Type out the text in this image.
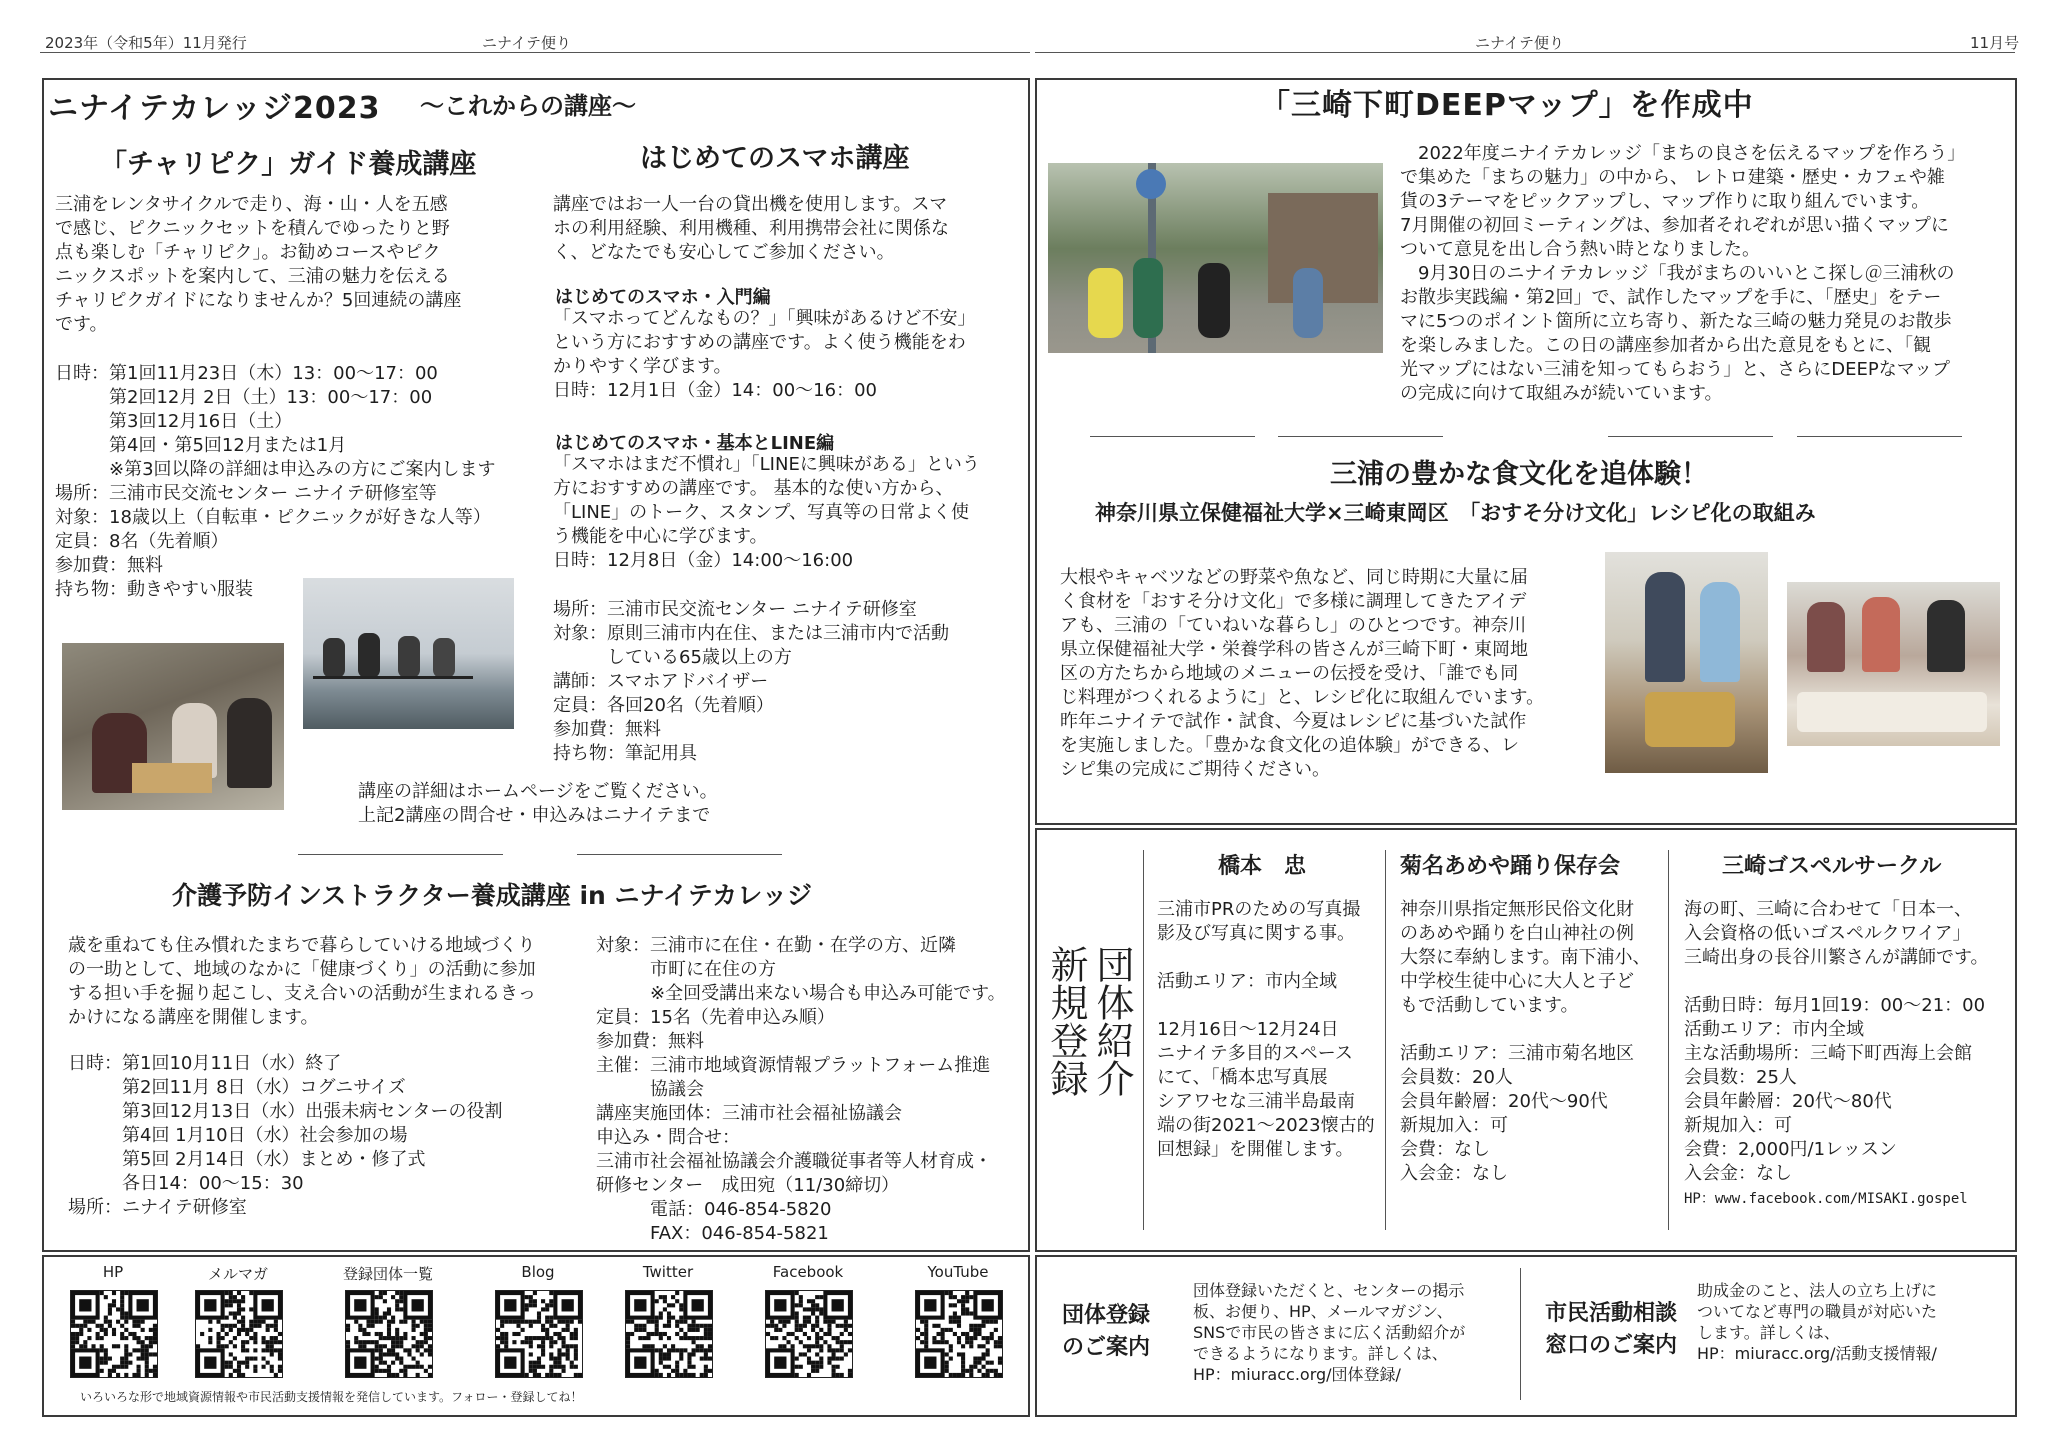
2023年（令和5年）11月発行	ニナイテ便り	ニナイテ便り	11月号
ニナイテカレッジ2023 〜これからの講座〜
「チャリピク」ガイド養成講座
三浦をレンタサイクルで走り、海・山・人を五感
で感じ、ピクニックセットを積んでゆったりと野
点も楽しむ「チャリピク」。お勧めコースやピク
ニックスポットを案内して、三浦の魅力を伝える
チャリピクガイドになりませんか？5回連続の講座
です。
日時：第1回11月23日（木）13：00〜17：00
　　　第2回12月 2日（土）13：00〜17：00
　　　第3回12月16日（土）
　　　第4回・第5回12月または1月
　　　※第3回以降の詳細は申込みの方にご案内します
場所：三浦市民交流センター ニナイテ研修室等
対象：18歳以上（自転車・ピクニックが好きな人等）
定員：8名（先着順）
参加費：無料
持ち物：動きやすい服装
はじめてのスマホ講座
講座ではお一人一台の貸出機を使用します。スマ
ホの利用経験、利用機種、利用携帯会社に関係な
く、どなたでも安心してご参加ください。
はじめてのスマホ・入門編
「スマホってどんなもの？」「興味があるけど不安」
という方におすすめの講座です。よく使う機能をわ
かりやすく学びます。
日時：12月1日（金）14：00〜16：00
はじめてのスマホ・基本とLINE編
「スマホはまだ不慣れ」「LINEに興味がある」という
方におすすめの講座です。 基本的な使い方から、
「LINE」のトーク、スタンプ、写真等の日常よく使
う機能を中心に学びます。
日時：12月8日（金）14:00〜16:00
場所：三浦市民交流センター ニナイテ研修室
対象：原則三浦市内在住、または三浦市内で活動
　　　している65歳以上の方
講師：スマホアドバイザー
定員：各回20名（先着順）
参加費：無料
持ち物：筆記用具
講座の詳細はホームページをご覧ください。
上記2講座の問合せ・申込みはニナイテまで
介護予防インストラクター養成講座 in ニナイテカレッジ
歳を重ねても住み慣れたまちで暮らしていける地域づくり
の一助として、地域のなかに「健康づくり」の活動に参加
する担い手を掘り起こし、支え合いの活動が生まれるきっ
かけになる講座を開催します。
日時：第1回10月11日（水）終了
　　　第2回11月 8日（水）コグニサイズ
　　　第3回12月13日（水）出張未病センターの役割
　　　第4回 1月10日（水）社会参加の場
　　　第5回 2月14日（水）まとめ・修了式
　　　各日14：00〜15：30
場所：ニナイテ研修室
対象：三浦市に在住・在勤・在学の方、近隣
　　　市町に在住の方
　　　※全回受講出来ない場合も申込み可能です。
定員：15名（先着申込み順）
参加費：無料
主催：三浦市地域資源情報プラットフォーム推進
　　　協議会
講座実施団体：三浦市社会福祉協議会
申込み・問合せ：
三浦市社会福祉協議会介護職従事者等人材育成・
研修センター　成田宛（11/30締切）
　　　電話：046-854-5820
　　　FAX：046-854-5821
HP	メルマガ	登録団体一覧	Blog	Twitter	Facebook	YouTube
いろいろな形で地域資源情報や市民活動支援情報を発信しています。フォロー・登録してね！
「三崎下町DEEPマップ」を作成中
　2022年度ニナイテカレッジ「まちの良さを伝えるマップを作ろう」
で集めた「まちの魅力」の中から、 レトロ建築・歴史・カフェや雑
貨の3テーマをピックアップし、マップ作りに取り組んでいます。
7月開催の初回ミーティングは、参加者それぞれが思い描くマップに
ついて意見を出し合う熱い時となりました。
　9月30日のニナイテカレッジ「我がまちのいいとこ探し＠三浦秋の
お散歩実践編・第2回」で、試作したマップを手に、「歴史」をテー
マに5つのポイント箇所に立ち寄り、新たな三崎の魅力発見のお散歩
を楽しみました。この日の講座参加者から出た意見をもとに、「観
光マップにはない三浦を知ってもらおう」と、さらにDEEPなマップ
の完成に向けて取組みが続いています。
三浦の豊かな食文化を追体験！
神奈川県立保健福祉大学×三崎東岡区　「おすそ分け文化」レシピ化の取組み
大根やキャベツなどの野菜や魚など、同じ時期に大量に届
く食材を「おすそ分け文化」で多様に調理してきたアイデ
アも、三浦の「ていねいな暮らし」のひとつです。神奈川
県立保健福祉大学・栄養学科の皆さんが三崎下町・東岡地
区の方たちから地域のメニューの伝授を受け、「誰でも同
じ料理がつくれるように」と、レシピ化に取組んでいます。
昨年ニナイテで試作・試食、今夏はレシピに基づいた試作
を実施しました。「豊かな食文化の追体験」ができる、レ
シピ集の完成にご期待ください。
新規登録 団体紹介
橋本　忠
三浦市PRのための写真撮
影及び写真に関する事。

活動エリア：市内全域

12月16日〜12月24日
ニナイテ多目的スペース
にて、「橋本忠写真展
シアワセな三浦半島最南
端の街2021〜2023懐古的
回想録」を開催します。
菊名あめや踊り保存会
神奈川県指定無形民俗文化財
のあめや踊りを白山神社の例
大祭に奉納します。南下浦小、
中学校生徒中心に大人と子ど
もで活動しています。

活動エリア：三浦市菊名地区
会員数：20人
会員年齢層：20代〜90代
新規加入：可
会費：なし
入会金：なし
三崎ゴスペルサークル
海の町、三崎に合わせて「日本一、
入会資格の低いゴスペルクワイア」
三崎出身の長谷川繁さんが講師です。

活動日時：毎月1回19：00〜21：00
活動エリア：市内全域
主な活動場所：三崎下町西海上会館
会員数：25人
会員年齢層：20代〜80代
新規加入：可
会費：2,000円/1レッスン
入会金：なし
HP：www.facebook.com/MISAKI.gospel
団体登録
のご案内
団体登録いただくと、センターの掲示
板、お便り、HP、メールマガジン、
SNSで市民の皆さまに広く活動紹介が
できるようになります。詳しくは、
HP：miuracc.org/団体登録/
市民活動相談
窓口のご案内
助成金のこと、法人の立ち上げに
ついてなど専門の職員が対応いた
します。詳しくは、
HP：miuracc.org/活動支援情報/
